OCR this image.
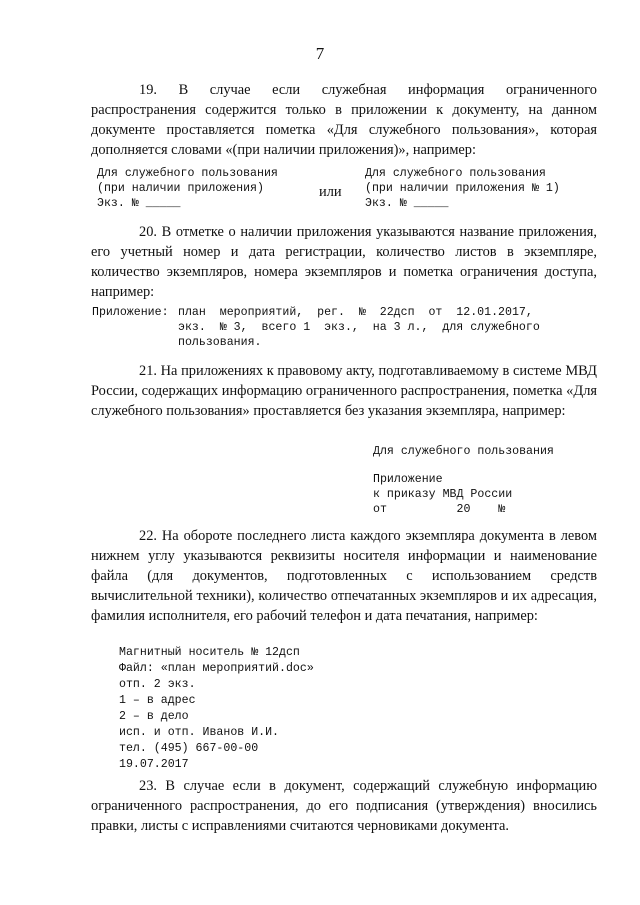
7

19. В случае если служебная информация ограниченного распространения содержится только в приложении к документу, на данном документе проставляется пометка «Для служебного пользования», которая дополняется словами «(при наличии приложения)», например:

Для служебного пользования
(при наличии приложения)
Экз. № _____
или
Для служебного пользования
(при наличии приложения № 1)
Экз. № _____

20. В отметке о наличии приложения указываются название приложения, его учетный номер и дата регистрации, количество листов в экземпляре, количество экземпляров, номера экземпляров и пометка ограничения доступа, например:

Приложение: план  мероприятий,  рег.  №  22дсп  от  12.01.2017,
экз.  № 3,  всего 1  экз.,  на 3 л.,  для служебного
пользования.

21. На приложениях к правовому акту, подготавливаемому в системе МВД России, содержащих информацию ограниченного распространения, пометка «Для служебного пользования» проставляется без указания экземпляра, например:

Для служебного пользования
Приложение
к приказу МВД России
от          20    №

22. На обороте последнего листа каждого экземпляра документа в левом нижнем углу указываются реквизиты носителя информации и наименование файла (для документов, подготовленных с использованием средств вычислительной техники), количество отпечатанных экземпляров и их адресация, фамилия исполнителя, его рабочий телефон и дата печатания, например:

Магнитный носитель № 12дсп
Файл: «план мероприятий.doc»
отп. 2 экз.
1 – в адрес
2 – в дело
исп. и отп. Иванов И.И.
тел. (495) 667-00-00
19.07.2017

23. В случае если в документ, содержащий служебную информацию ограниченного распространения, до его подписания (утверждения) вносились правки, листы с исправлениями считаются черновиками документа.
